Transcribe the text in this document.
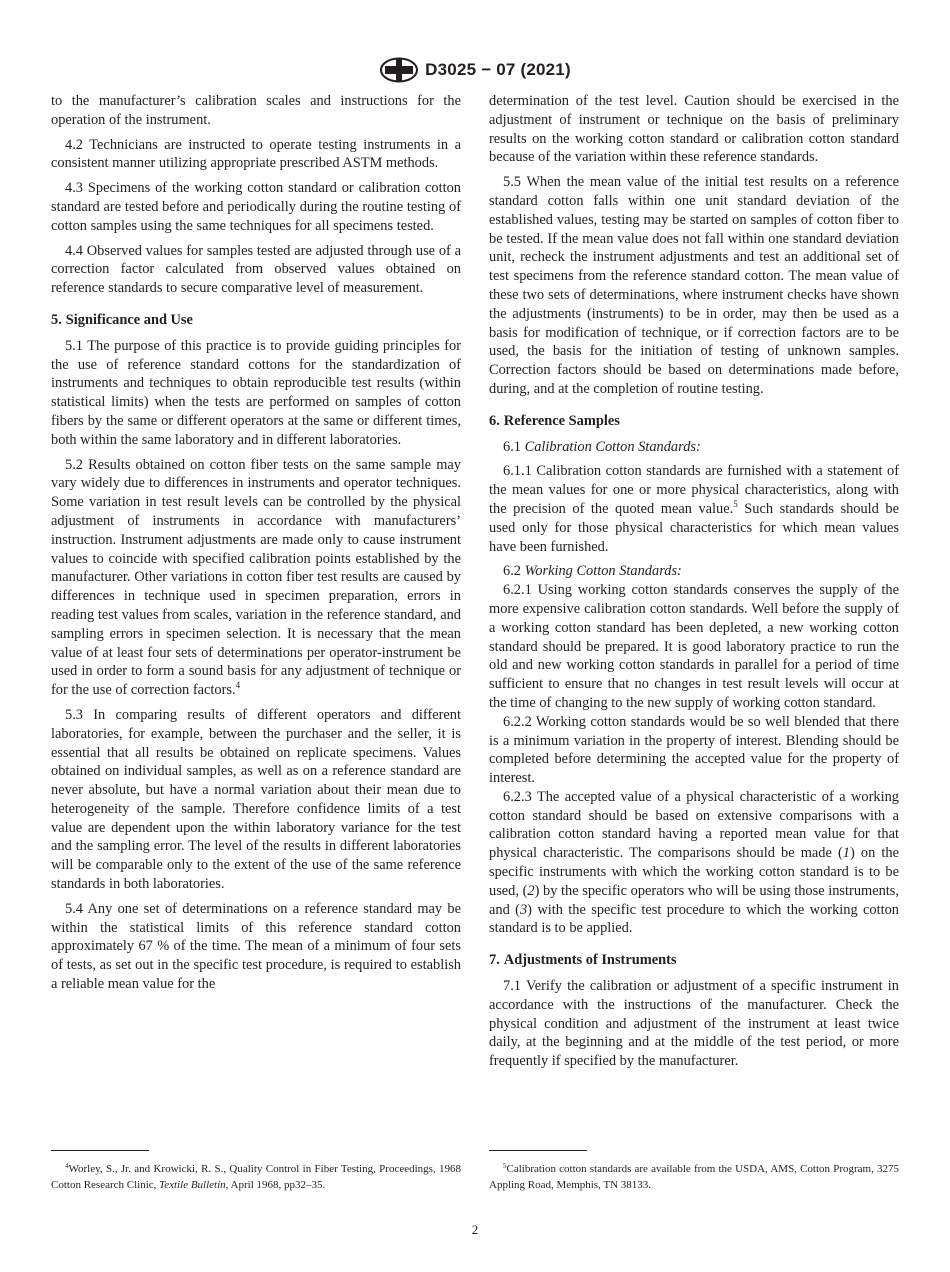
D3025 − 07 (2021)

to the manufacturer’s calibration scales and instructions for the operation of the instrument.

4.2 Technicians are instructed to operate testing instruments in a consistent manner utilizing appropriate prescribed ASTM methods.

4.3 Specimens of the working cotton standard or calibration cotton standard are tested before and periodically during the routine testing of cotton samples using the same techniques for all specimens tested.

4.4 Observed values for samples tested are adjusted through use of a correction factor calculated from observed values obtained on reference standards to secure comparative level of measurement.

5. Significance and Use

5.1 The purpose of this practice is to provide guiding principles for the use of reference standard cottons for the standardization of instruments and techniques to obtain reproducible test results (within statistical limits) when the tests are performed on samples of cotton fibers by the same or different operators at the same or different times, both within the same laboratory and in different laboratories.

5.2 Results obtained on cotton fiber tests on the same sample may vary widely due to differences in instruments and operator techniques. Some variation in test result levels can be controlled by the physical adjustment of instruments in accordance with manufacturers’ instruction. Instrument adjustments are made only to cause instrument values to coincide with specified calibration points established by the manufacturer. Other variations in cotton fiber test results are caused by differences in technique used in specimen preparation, errors in reading test values from scales, variation in the reference standard, and sampling errors in specimen selection. It is necessary that the mean value of at least four sets of determinations per operator-instrument be used in order to form a sound basis for any adjustment of technique or for the use of correction factors.$^4$

5.3 In comparing results of different operators and different laboratories, for example, between the purchaser and the seller, it is essential that all results be obtained on replicate specimens. Values obtained on individual samples, as well as on a reference standard are never absolute, but have a normal variation about their mean due to heterogeneity of the sample. Therefore confidence limits of a test value are dependent upon the within laboratory variance for the test and the sampling error. The level of the results in different laboratories will be comparable only to the extent of the use of the same reference standards in both laboratories.

5.4 Any one set of determinations on a reference standard may be within the statistical limits of this reference standard cotton approximately 67 % of the time. The mean of a minimum of four sets of tests, as set out in the specific test procedure, is required to establish a reliable mean value for the

determination of the test level. Caution should be exercised in the adjustment of instrument or technique on the basis of preliminary results on the working cotton standard or calibration cotton standard because of the variation within these reference standards.

5.5 When the mean value of the initial test results on a reference standard cotton falls within one unit standard deviation of the established values, testing may be started on samples of cotton fiber to be tested. If the mean value does not fall within one standard deviation unit, recheck the instrument adjustments and test an additional set of test specimens from the reference standard cotton. The mean value of these two sets of determinations, where instrument checks have shown the adjustments (instruments) to be in order, may then be used as a basis for modification of technique, or if correction factors are to be used, the basis for the initiation of testing of unknown samples. Correction factors should be based on determinations made before, during, and at the completion of routine testing.

6. Reference Samples

6.1 Calibration Cotton Standards:

6.1.1 Calibration cotton standards are furnished with a statement of the mean values for one or more physical characteristics, along with the precision of the quoted mean value.$^5$ Such standards should be used only for those physical characteristics for which mean values have been furnished.

6.2 Working Cotton Standards:

6.2.1 Using working cotton standards conserves the supply of the more expensive calibration cotton standards. Well before the supply of a working cotton standard has been depleted, a new working cotton standard should be prepared. It is good laboratory practice to run the old and new working cotton standards in parallel for a period of time sufficient to ensure that no changes in test result levels will occur at the time of changing to the new supply of working cotton standard.

6.2.2 Working cotton standards would be so well blended that there is a minimum variation in the property of interest. Blending should be completed before determining the accepted value for the property of interest.

6.2.3 The accepted value of a physical characteristic of a working cotton standard should be based on extensive comparisons with a calibration cotton standard having a reported mean value for that physical characteristic. The comparisons should be made (1) on the specific instruments with which the working cotton standard is to be used, (2) by the specific operators who will be using those instruments, and (3) with the specific test procedure to which the working cotton standard is to be applied.

7. Adjustments of Instruments

7.1 Verify the calibration or adjustment of a specific instrument in accordance with the instructions of the manufacturer. Check the physical condition and adjustment of the instrument at least twice daily, at the beginning and at the middle of the test period, or more frequently if specified by the manufacturer.

$^4$Worley, S., Jr. and Krowicki, R. S., Quality Control in Fiber Testing, Proceedings, 1968 Cotton Research Clinic, Textile Bulletin, April 1968, pp32–35.
$^5$Calibration cotton standards are available from the USDA, AMS, Cotton Program, 3275 Appling Road, Memphis, TN 38133.
2
